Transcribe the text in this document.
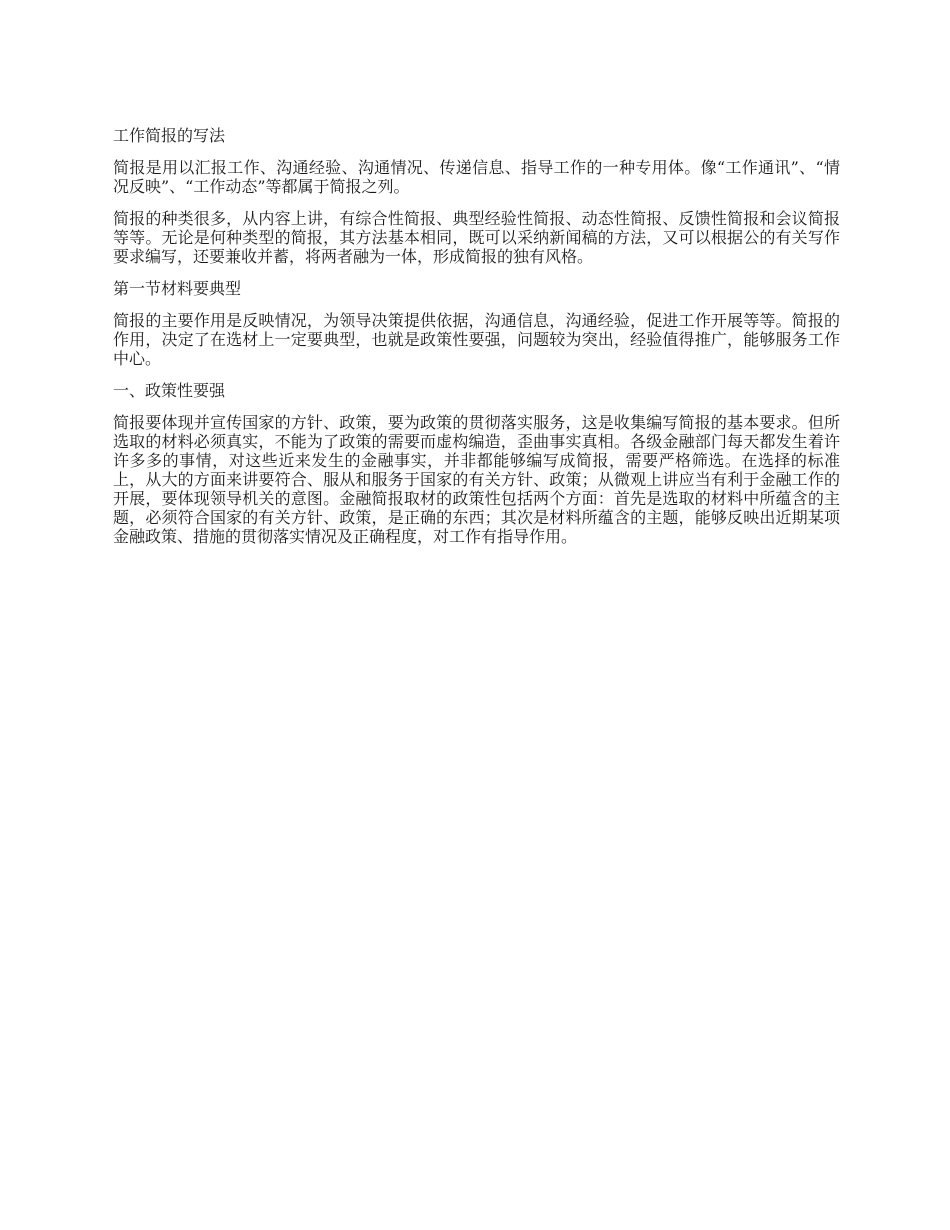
工作简报的写法
简报是用以汇报工作、沟通经验、沟通情况、传递信息、指导工作的一种专用体。像“工作通讯”、“情况反映”、“工作动态”等都属于简报之列。
简报的种类很多，从内容上讲，有综合性简报、典型经验性简报、动态性简报、反馈性简报和会议简报等等。无论是何种类型的简报，其方法基本相同，既可以采纳新闻稿的方法，又可以根据公的有关写作要求编写，还要兼收并蓄，将两者融为一体，形成简报的独有风格。
第一节材料要典型
简报的主要作用是反映情况，为领导决策提供依据，沟通信息，沟通经验，促进工作开展等等。简报的作用，决定了在选材上一定要典型，也就是政策性要强，问题较为突出，经验值得推广，能够服务工作中心。
一、政策性要强
简报要体现并宣传国家的方针、政策，要为政策的贯彻落实服务，这是收集编写简报的基本要求。但所选取的材料必须真实，不能为了政策的需要而虚构编造，歪曲事实真相。各级金融部门每天都发生着许许多多的事情，对这些近来发生的金融事实，并非都能够编写成简报，需要严格筛选。在选择的标准上，从大的方面来讲要符合、服从和服务于国家的有关方针、政策；从微观上讲应当有利于金融工作的开展，要体现领导机关的意图。金融简报取材的政策性包括两个方面：首先是选取的材料中所蕴含的主题，必须符合国家的有关方针、政策，是正确的东西；其次是材料所蕴含的主题，能够反映出近期某项金融政策、措施的贯彻落实情况及正确程度，对工作有指导作用。
